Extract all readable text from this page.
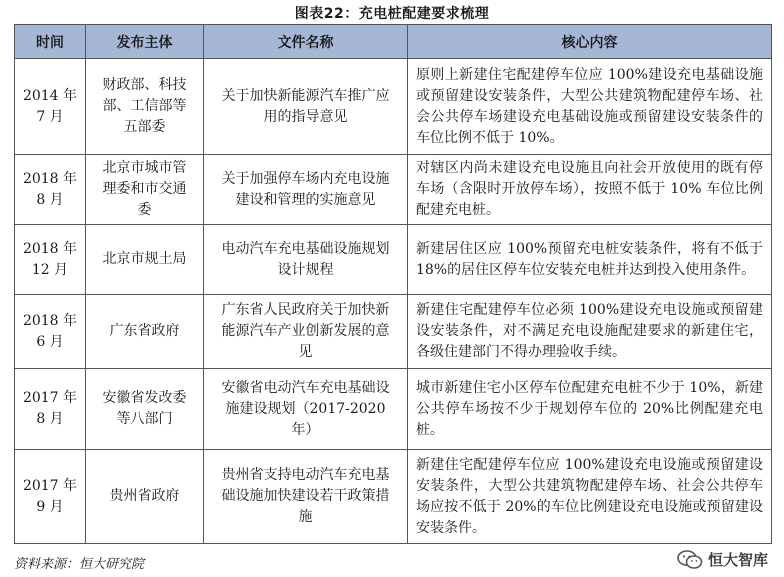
图表22：充电桩配建要求梳理
时间	发布主体	文件名称	核心内容
2014 年 7 月	财政部、科技部、工信部等五部委	关于加快新能源汽车推广应用的指导意见	原则上新建住宅配建停车位应 100%建设充电基础设施或预留建设安装条件，大型公共建筑物配建停车场、社会公共停车场建设充电基础设施或预留建设安装条件的车位比例不低于 10%。
2018 年 8 月	北京市城市管理委和市交通委	关于加强停车场内充电设施建设和管理的实施意见	对辖区内尚未建设充电设施且向社会开放使用的既有停车场（含限时开放停车场），按照不低于 10% 车位比例配建充电桩。
2018 年 12 月	北京市规土局	电动汽车充电基础设施规划设计规程	新建居住区应 100%预留充电桩安装条件，将有不低于 18%的居住区停车位安装充电桩并达到投入使用条件。
2018 年 6 月	广东省政府	广东省人民政府关于加快新能源汽车产业创新发展的意见	新建住宅配建停车位必须 100%建设充电设施或预留建设安装条件，对不满足充电设施配建要求的新建住宅，各级住建部门不得办理验收手续。
2017 年 8 月	安徽省发改委等八部门	安徽省电动汽车充电基础设施建设规划（2017-2020 年）	城市新建住宅小区停车位配建充电桩不少于 10%，新建公共停车场按不少于规划停车位的 20%比例配建充电桩。
2017 年 9 月	贵州省政府	贵州省支持电动汽车充电基础设施加快建设若干政策措施	新建住宅配建停车位应 100%建设充电设施或预留建设安装条件，大型公共建筑物配建停车场、社会公共停车场应按不低于 20%的车位比例建设充电设施或预留建设安装条件。
资料来源：恒大研究院	恒大智库
